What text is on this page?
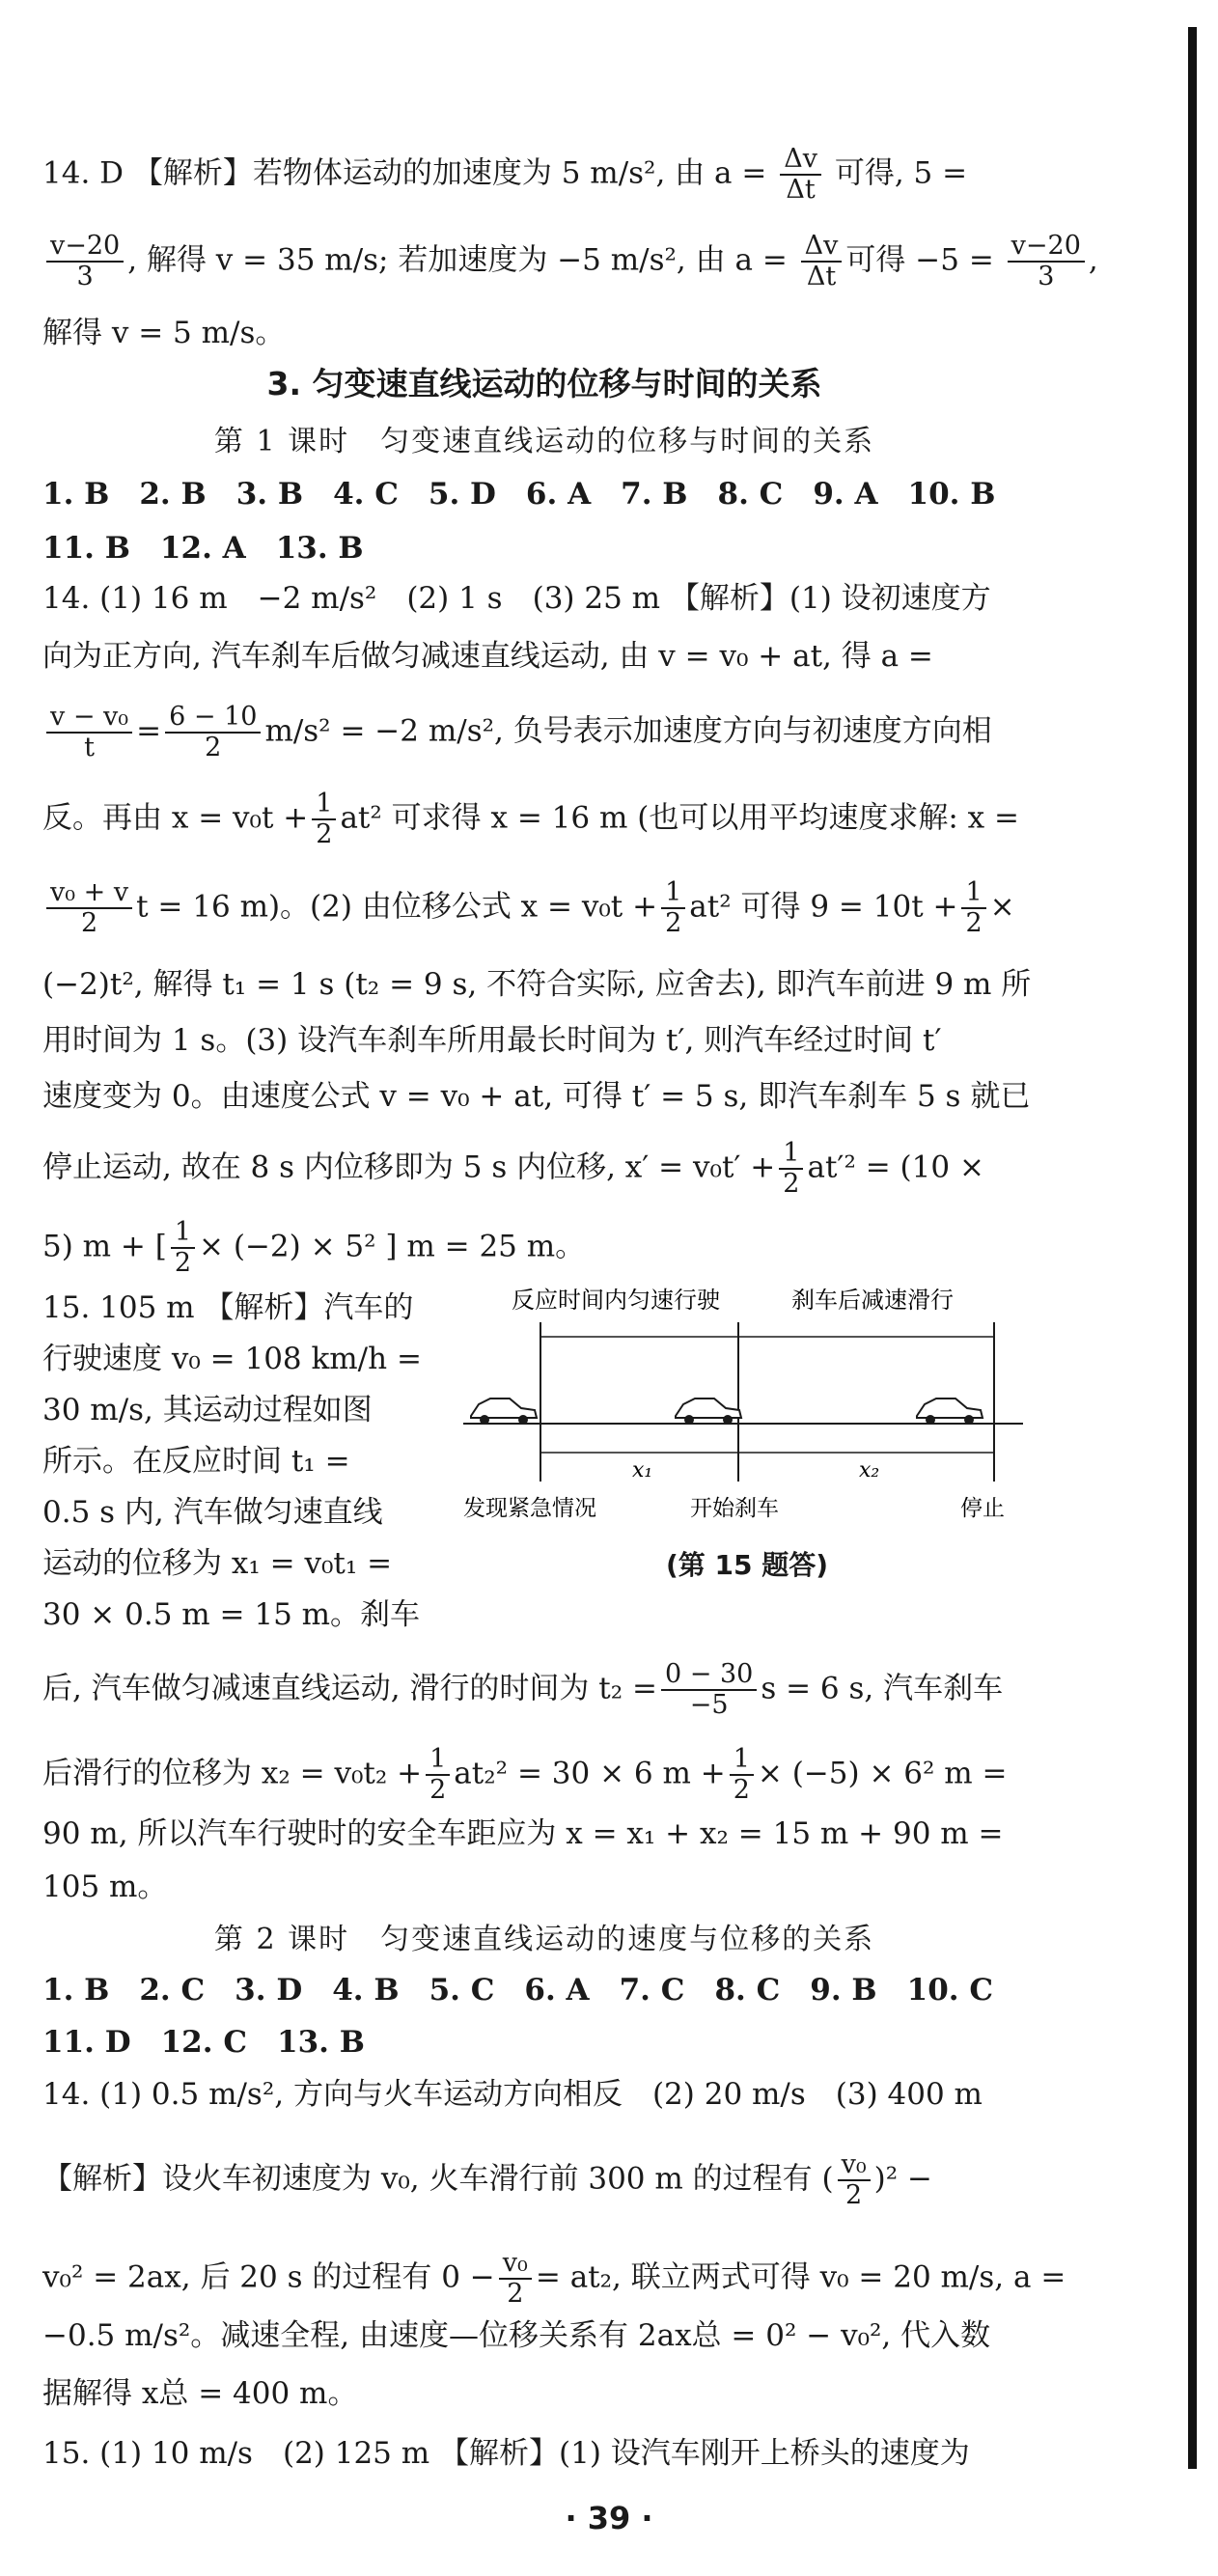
14. D 【解析】若物体运动的加速度为 5 m/s², 由 $a = \frac{\Delta v}{\Delta t}$ 可得, 5 =
$\frac{v-20}{3}$ , 解得 v = 35 m/s; 若加速度为 −5 m/s², 由 $a = \frac{\Delta v}{\Delta t}$ 可得 $-5 = \frac{v-20}{3}$ ,
解得 v = 5 m/s。
3. 匀变速直线运动的位移与时间的关系
第 1 课时　匀变速直线运动的位移与时间的关系
1. B　2. B　3. B　4. C　5. D　6. A　7. B　8. C　9. A　10. B
11. B　12. A　13. B
14. (1) 16 m　−2 m/s²　(2) 1 s　(3) 25 m 【解析】(1) 设初速度方
向为正方向, 汽车刹车后做匀减速直线运动, 由 v = v₀ + at, 得 a =
$\frac{\text{v − v₀}}{t} = \frac{6 - 10}{2} m/s^2 = -2$ m/s², 负号表示加速度方向与初速度方向相
反。再由 $x = v_0t + \frac{1}{2} at^2$ 可求得 x = 16 m (也可以用平均速度求解: x =
$\frac{\text{v₀ + v}}{2}$ t = 16 m)。(2) 由位移公式 $x = v_0t + \frac{1}{2} at^2$ 可得 $9 = 10t + \frac{1}{2}$ ×
(−2)t², 解得 t₁ = 1 s (t₂ = 9 s, 不符合实际, 应舍去), 即汽车前进 9 m 所
用时间为 1 s。(3) 设汽车刹车所用最长时间为 t′, 则汽车经过时间 t′
速度变为 0。由速度公式 v = v₀ + at, 可得 t′ = 5 s, 即汽车刹车 5 s 就已
停止运动, 故在 8 s 内位移即为 5 s 内位移, $x' = v_0t' + \frac{1}{2} at'^2 = (10$ ×
5) m + [ $\frac{1}{2} \times (-2) \times 5^2$ ] m = 25 m。
15. 105 m 【解析】汽车的
行驶速度 v₀ = 108 km/h =
30 m/s, 其运动过程如图
所示。在反应时间 t₁ =
0.5 s 内, 汽车做匀速直线
运动的位移为 x₁ = v₀t₁ =
30 × 0.5 m = 15 m。刹车
反应时间内匀速行驶	刹车后减速滑行
x₁	x₂
发现紧急情况	开始刹车	停止
(第 15 题答)
后, 汽车做匀减速直线运动, 滑行的时间为 $t_2 = \frac{0 - 30}{-5}$ s = 6 s, 汽车刹车
后滑行的位移为 $x_2 = v_0t_2 + \frac{1}{2} at_2^2 = 30 \times 6$ $m + \frac{1}{2} \times (-5) \times 6^2$ m =
90 m, 所以汽车行驶时的安全车距应为 x = x₁ + x₂ = 15 m + 90 m =
105 m。
第 2 课时　匀变速直线运动的速度与位移的关系
1. B　2. C　3. D　4. B　5. C　6. A　7. C　8. C　9. B　10. C
11. D　12. C　13. B
14. (1) 0.5 m/s², 方向与火车运动方向相反　(2) 20 m/s　(3) 400 m
【解析】设火车初速度为 v₀, 火车滑行前 300 m 的过程有 ( $\frac{\text{v₀}}{2} )^2$ −
v₀² = 2ax, 后 20 s 的过程有 $0 - \frac{\text{v₀}}{2} = at_2$, 联立两式可得 v₀ = 20 m/s, a =
−0.5 m/s²。减速全程, 由速度—位移关系有 2ax总 = 0² − v₀², 代入数
据解得 x总 = 400 m。
15. (1) 10 m/s　(2) 125 m 【解析】(1) 设汽车刚开上桥头的速度为
· 39 ·
